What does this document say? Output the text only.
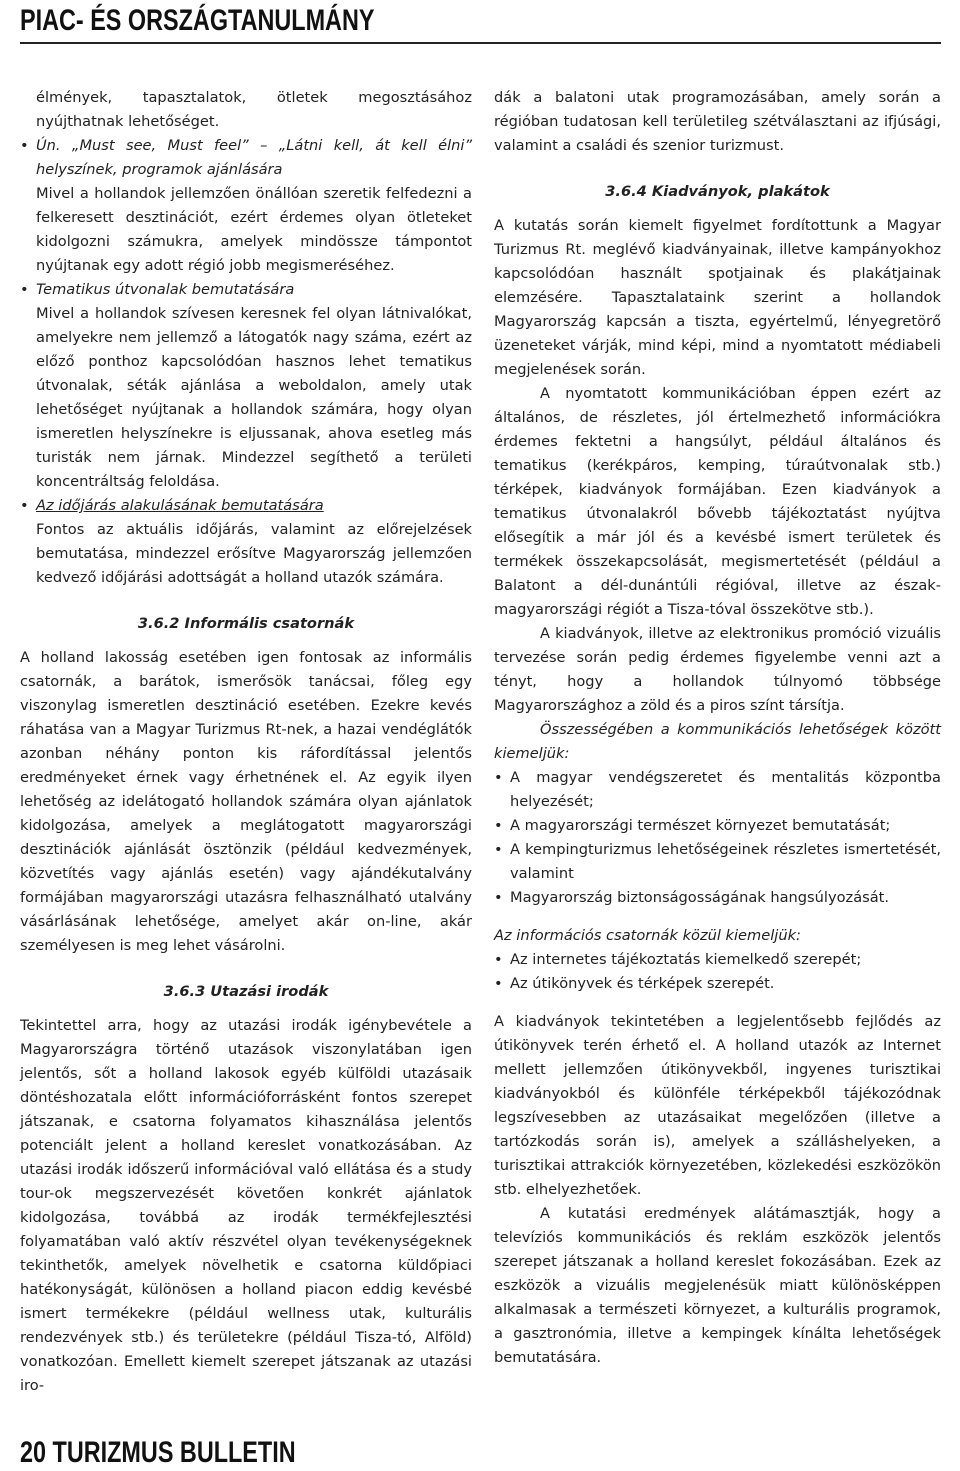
PIAC- ÉS ORSZÁGTANULMÁNY

élmények, tapasztalatok, ötletek megosztásához nyújthatnak lehetőséget.

• Ún. „Must see, Must feel” – „Látni kell, át kell élni” helyszínek, programok ajánlására
Mivel a hollandok jellemzően önállóan szeretik felfedezni a felkeresett desztinációt, ezért érdemes olyan ötleteket kidolgozni számukra, amelyek mindössze támpontot nyújtanak egy adott régió jobb megismeréséhez.
• Tematikus útvonalak bemutatására
Mivel a hollandok szívesen keresnek fel olyan látnivalókat, amelyekre nem jellemző a látogatók nagy száma, ezért az előző ponthoz kapcsolódóan hasznos lehet tematikus útvonalak, séták ajánlása a weboldalon, amely utak lehetőséget nyújtanak a hollandok számára, hogy olyan ismeretlen helyszínekre is eljussanak, ahova esetleg más turisták nem járnak. Mindezzel segíthető a területi koncentráltság feloldása.
• Az időjárás alakulásának bemutatására
Fontos az aktuális időjárás, valamint az előrejelzések bemutatása, mindezzel erősítve Magyarország jellemzően kedvező időjárási adottságát a holland utazók számára.

3.6.2 Informális csatornák

A holland lakosság esetében igen fontosak az informális csatornák, a barátok, ismerősök tanácsai, főleg egy viszonylag ismeretlen desztináció esetében. Ezekre kevés ráhatása van a Magyar Turizmus Rt-nek, a hazai vendéglátók azonban néhány ponton kis ráfordítással jelentős eredményeket érnek vagy érhetnének el. Az egyik ilyen lehetőség az idelátogató hollandok számára olyan ajánlatok kidolgozása, amelyek a meglátogatott magyarországi desztinációk ajánlását ösztönzik (például kedvezmények, közvetítés vagy ajánlás esetén) vagy ajándékutalvány formájában magyarországi utazásra felhasználható utalvány vásárlásának lehetősége, amelyet akár on-line, akár személyesen is meg lehet vásárolni.

3.6.3 Utazási irodák

Tekintettel arra, hogy az utazási irodák igénybevétele a Magyarországra történő utazások viszonylatában igen jelentős, sőt a holland lakosok egyéb külföldi utazásaik döntéshozatala előtt információforrásként fontos szerepet játszanak, e csatorna folyamatos kihasználása jelentős potenciált jelent a holland kereslet vonatkozásában. Az utazási irodák időszerű információval való ellátása és a study tour-ok megszervezését követően konkrét ajánlatok kidolgozása, továbbá az irodák termékfejlesztési folyamatában való aktív részvétel olyan tevékenységeknek tekinthetők, amelyek növelhetik e csatorna küldőpiaci hatékonyságát, különösen a holland piacon eddig kevésbé ismert termékekre (például wellness utak, kulturális rendezvények stb.) és területekre (például Tisza-tó, Alföld) vonatkozóan. Emellett kiemelt szerepet játszanak az utazási iro-

dák a balatoni utak programozásában, amely során a régióban tudatosan kell területileg szétválasztani az ifjúsági, valamint a családi és szenior turizmust.

3.6.4 Kiadványok, plakátok

A kutatás során kiemelt figyelmet fordítottunk a Magyar Turizmus Rt. meglévő kiadványainak, illetve kampányokhoz kapcsolódóan használt spotjainak és plakátjainak elemzésére. Tapasztalataink szerint a hollandok Magyarország kapcsán a tiszta, egyértelmű, lényegretörő üzeneteket várják, mind képi, mind a nyomtatott médiabeli megjelenések során.

A nyomtatott kommunikációban éppen ezért az általános, de részletes, jól értelmezhető információkra érdemes fektetni a hangsúlyt, például általános és tematikus (kerékpáros, kemping, túraútvonalak stb.) térképek, kiadványok formájában. Ezen kiadványok a tematikus útvonalakról bővebb tájékoztatást nyújtva elősegítik a már jól és a kevésbé ismert területek és termékek összekapcsolását, megismertetését (például a Balatont a dél-dunántúli régióval, illetve az észak-magyarországi régiót a Tisza-tóval összekötve stb.).

A kiadványok, illetve az elektronikus promóció vizuális tervezése során pedig érdemes figyelembe venni azt a tényt, hogy a hollandok túlnyomó többsége Magyarországhoz a zöld és a piros színt társítja.

Összességében a kommunikációs lehetőségek között kiemeljük:

• A magyar vendégszeretet és mentalitás központba helyezését;
• A magyarországi természet környezet bemutatását;
• A kempingturizmus lehetőségeinek részletes ismertetését, valamint
• Magyarország biztonságosságának hangsúlyozását.

Az információs csatornák közül kiemeljük:

• Az internetes tájékoztatás kiemelkedő szerepét;
• Az útikönyvek és térképek szerepét.

A kiadványok tekintetében a legjelentősebb fejlődés az útikönyvek terén érhető el. A holland utazók az Internet mellett jellemzően útikönyvekből, ingyenes turisztikai kiadványokból és különféle térképekből tájékozódnak legszívesebben az utazásaikat megelőzően (illetve a tartózkodás során is), amelyek a szálláshelyeken, a turisztikai attrakciók környezetében, közlekedési eszközökön stb. elhelyezhetőek.

A kutatási eredmények alátámasztják, hogy a televíziós kommunikációs és reklám eszközök jelentős szerepet játszanak a holland kereslet fokozásában. Ezek az eszközök a vizuális megjelenésük miatt különösképpen alkalmasak a természeti környezet, a kulturális programok, a gasztronómia, illetve a kempingek kínálta lehetőségek bemutatására.

20 TURIZMUS BULLETIN
